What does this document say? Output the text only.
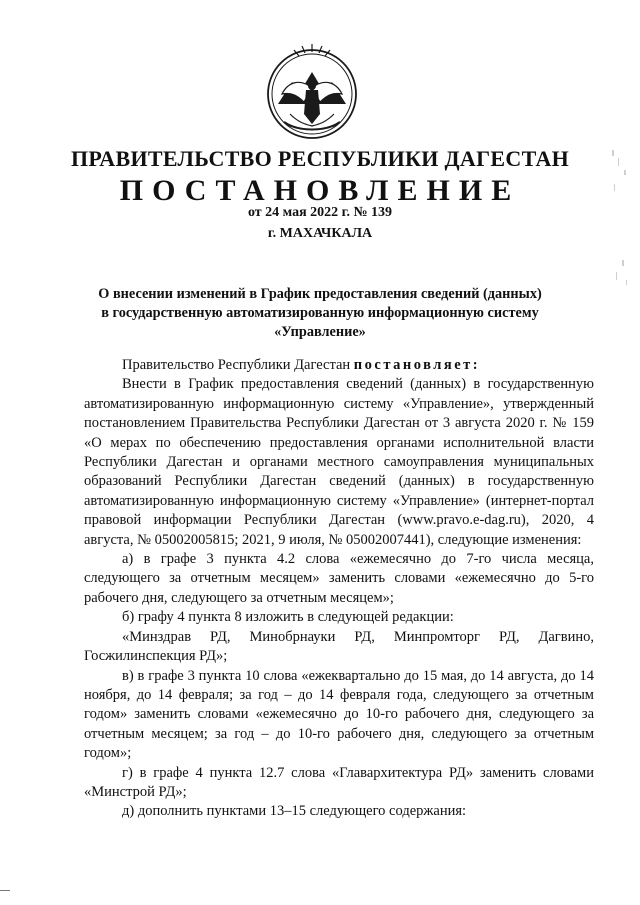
ПРАВИТЕЛЬСТВО РЕСПУБЛИКИ ДАГЕСТАН
ПОСТАНОВЛЕНИЕ
от 24 мая 2022 г. № 139
г. МАХАЧКАЛА
О внесении изменений в График предоставления сведений (данных)
в государственную автоматизированную информационную систему
«Управление»

Правительство Республики Дагестан постановляет:

Внести в График предоставления сведений (данных) в государственную автоматизированную информационную систему «Управление», утвержденный постановлением Правительства Республики Дагестан от 3 августа 2020 г. № 159 «О мерах по обеспечению предоставления органами исполнительной власти Республики Дагестан и органами местного самоуправления муниципальных образований Республики Дагестан сведений (данных) в государственную автоматизированную информационную систему «Управление» (интернет-портал правовой информации Республики Дагестан (www.pravo.e-dag.ru), 2020, 4 августа, № 05002005815; 2021, 9 июля, № 05002007441), следующие изменения:

а) в графе 3 пункта 4.2 слова «ежемесячно до 7-го числа месяца, следующего за отчетным месяцем» заменить словами «ежемесячно до 5-го рабочего дня, следующего за отчетным месяцем»;

б) графу 4 пункта 8 изложить в следующей редакции:

«Минздрав РД, Минобрнауки РД, Минпромторг РД, Дагвино, Госжилинспекция РД»;

в) в графе 3 пункта 10 слова «ежеквартально до 15 мая, до 14 августа, до 14 ноября, до 14 февраля; за год – до 14 февраля года, следующего за отчетным годом» заменить словами «ежемесячно до 10-го рабочего дня, следующего за отчетным месяцем; за год – до 10-го рабочего дня, следующего за отчетным годом»;

г) в графе 4 пункта 12.7 слова «Главархитектура РД» заменить словами «Минстрой РД»;

д) дополнить пунктами 13–15 следующего содержания:
